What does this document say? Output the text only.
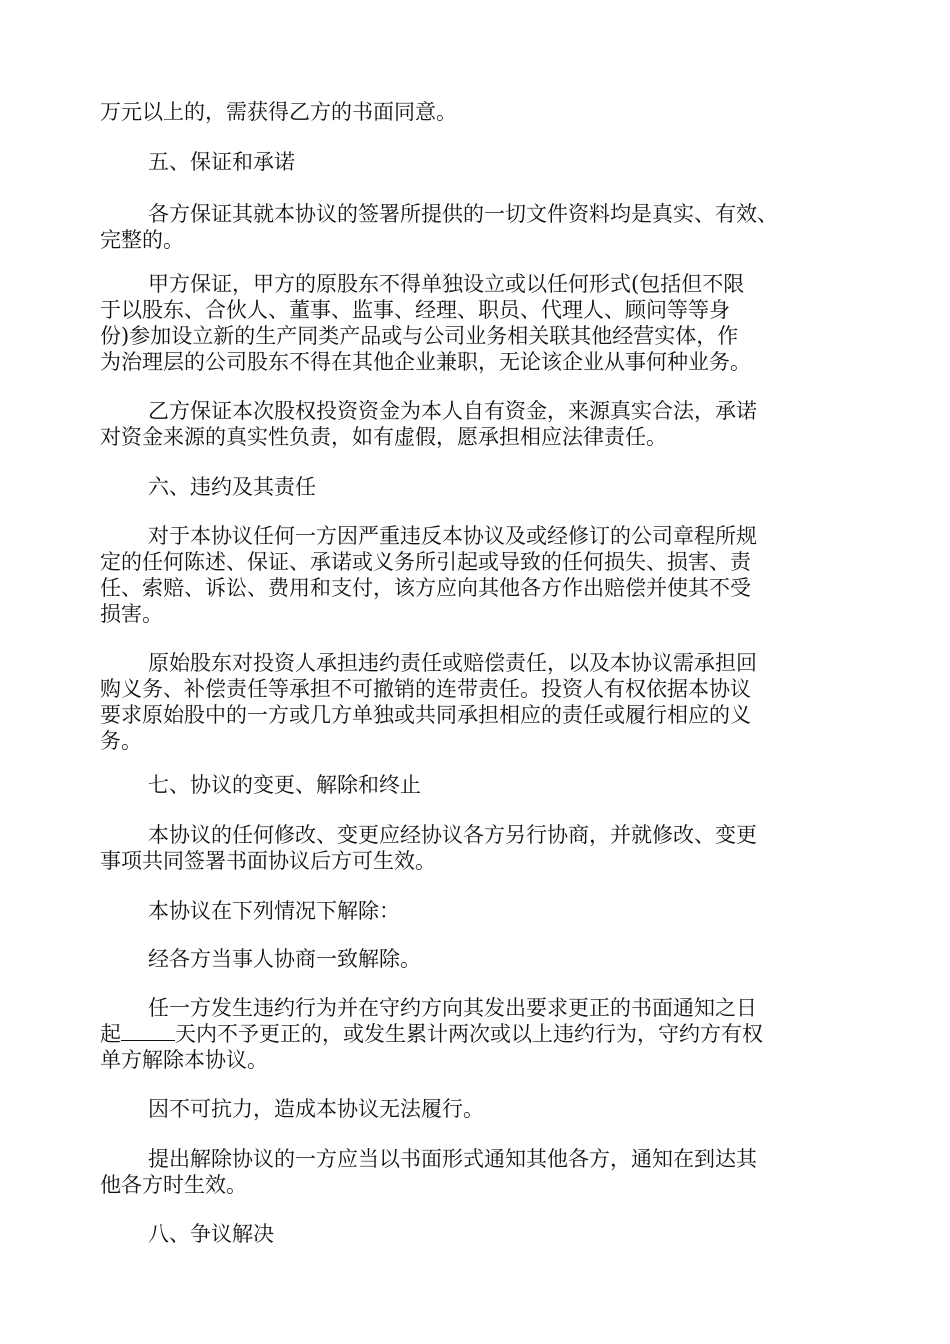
万元以上的，需获得乙方的书面同意。
五、保证和承诺
各方保证其就本协议的签署所提供的一切文件资料均是真实、有效、
完整的。
甲方保证，甲方的原股东不得单独设立或以任何形式(包括但不限
于以股东、合伙人、董事、监事、经理、职员、代理人、顾问等等身
份)参加设立新的生产同类产品或与公司业务相关联其他经营实体，作
为治理层的公司股东不得在其他企业兼职，无论该企业从事何种业务。
乙方保证本次股权投资资金为本人自有资金，来源真实合法，承诺
对资金来源的真实性负责，如有虚假，愿承担相应法律责任。
六、违约及其责任
对于本协议任何一方因严重违反本协议及或经修订的公司章程所规
定的任何陈述、保证、承诺或义务所引起或导致的任何损失、损害、责
任、索赔、诉讼、费用和支付，该方应向其他各方作出赔偿并使其不受
损害。
原始股东对投资人承担违约责任或赔偿责任，以及本协议需承担回
购义务、补偿责任等承担不可撤销的连带责任。投资人有权依据本协议
要求原始股中的一方或几方单独或共同承担相应的责任或履行相应的义
务。
七、协议的变更、解除和终止
本协议的任何修改、变更应经协议各方另行协商，并就修改、变更
事项共同签署书面协议后方可生效。
本协议在下列情况下解除：
经各方当事人协商一致解除。
任一方发生违约行为并在守约方向其发出要求更正的书面通知之日
起	天内不予更正的，或发生累计两次或以上违约行为，守约方有权
单方解除本协议。
因不可抗力，造成本协议无法履行。
提出解除协议的一方应当以书面形式通知其他各方，通知在到达其
他各方时生效。
八、争议解决
